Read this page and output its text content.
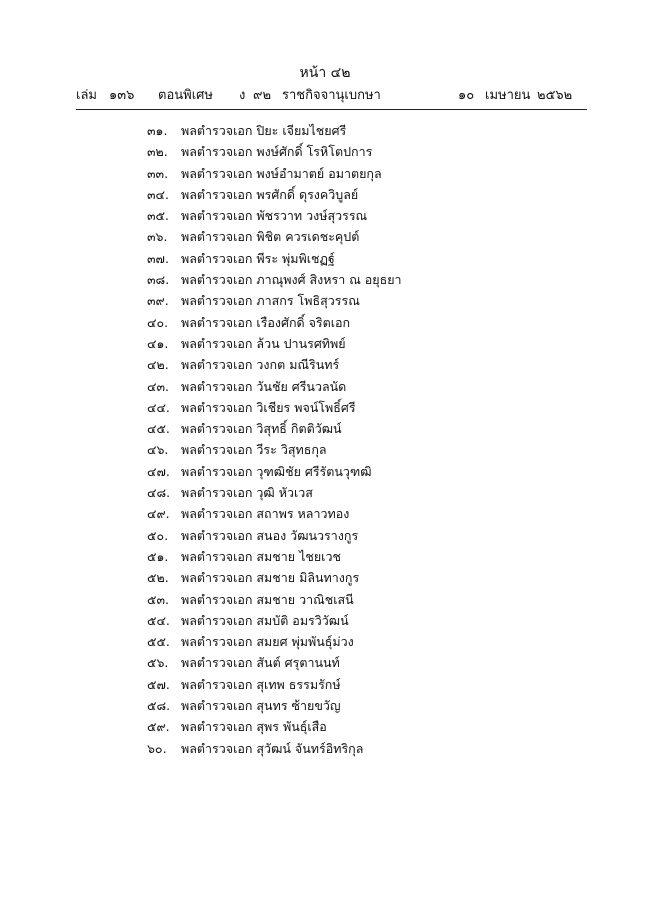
หน้า ๔๒
เล่ม ๑๓๖ ตอนพิเศษ	๙๒
ง	ราชกิจจานุเบกษา	๑๐ เมษายน ๒๕๖๒
๓๑. พลตำรวจเอก ปิยะ เจียมไชยศรี
๓๒. พลตำรวจเอก พงษ์ศักดิ์ โรหิโตปการ
๓๓. พลตำรวจเอก พงษ์อำมาตย์ อมาตยกุล
๓๔. พลตำรวจเอก พรศักดิ์ ดุรงควิบูลย์
๓๕. พลตำรวจเอก พัชรวาท วงษ์สุวรรณ
๓๖. พลตำรวจเอก พิชิต ควรเดชะคุปต์
๓๗. พลตำรวจเอก พีระ พุ่มพิเชฏฐ์
๓๘. พลตำรวจเอก ภาณุพงศ์ สิงหรา ณ อยุธยา
๓๙. พลตำรวจเอก ภาสกร โพธิสุวรรณ
๔๐. พลตำรวจเอก เรืองศักดิ์ จริตเอก
๔๑. พลตำรวจเอก ล้วน ปานรศทิพย์
๔๒. พลตำรวจเอก วงกต มณีรินทร์
๔๓. พลตำรวจเอก วันชัย ศรีนวลนัด
๔๔. พลตำรวจเอก วิเชียร พจน์โพธิ์ศรี
๔๕. พลตำรวจเอก วิสุทธิ์ กิตติวัฒน์
๔๖. พลตำรวจเอก วีระ วิสุทธกุล
๔๗. พลตำรวจเอก วุฑฒิชัย ศรีรัตนวุฑฒิ
๔๘. พลตำรวจเอก วุฒิ หัวเวส
๔๙. พลตำรวจเอก สถาพร หลาวทอง
๕๐. พลตำรวจเอก สนอง วัฒนวรางกูร
๕๑. พลตำรวจเอก สมชาย ไชยเวช
๕๒. พลตำรวจเอก สมชาย มิลินทางกูร
๕๓. พลตำรวจเอก สมชาย วาณิชเสนี
๕๔. พลตำรวจเอก สมบัติ อมรวิวัฒน์
๕๕. พลตำรวจเอก สมยศ พุ่มพันธุ์ม่วง
๕๖. พลตำรวจเอก สันต์ ศรุตานนท์
๕๗. พลตำรวจเอก สุเทพ ธรรมรักษ์
๕๘. พลตำรวจเอก สุนทร ซ้ายขวัญ
๕๙. พลตำรวจเอก สุพร พันธุ์เสือ
๖๐. พลตำรวจเอก สุวัฒน์ จันทร์อิทริกุล
